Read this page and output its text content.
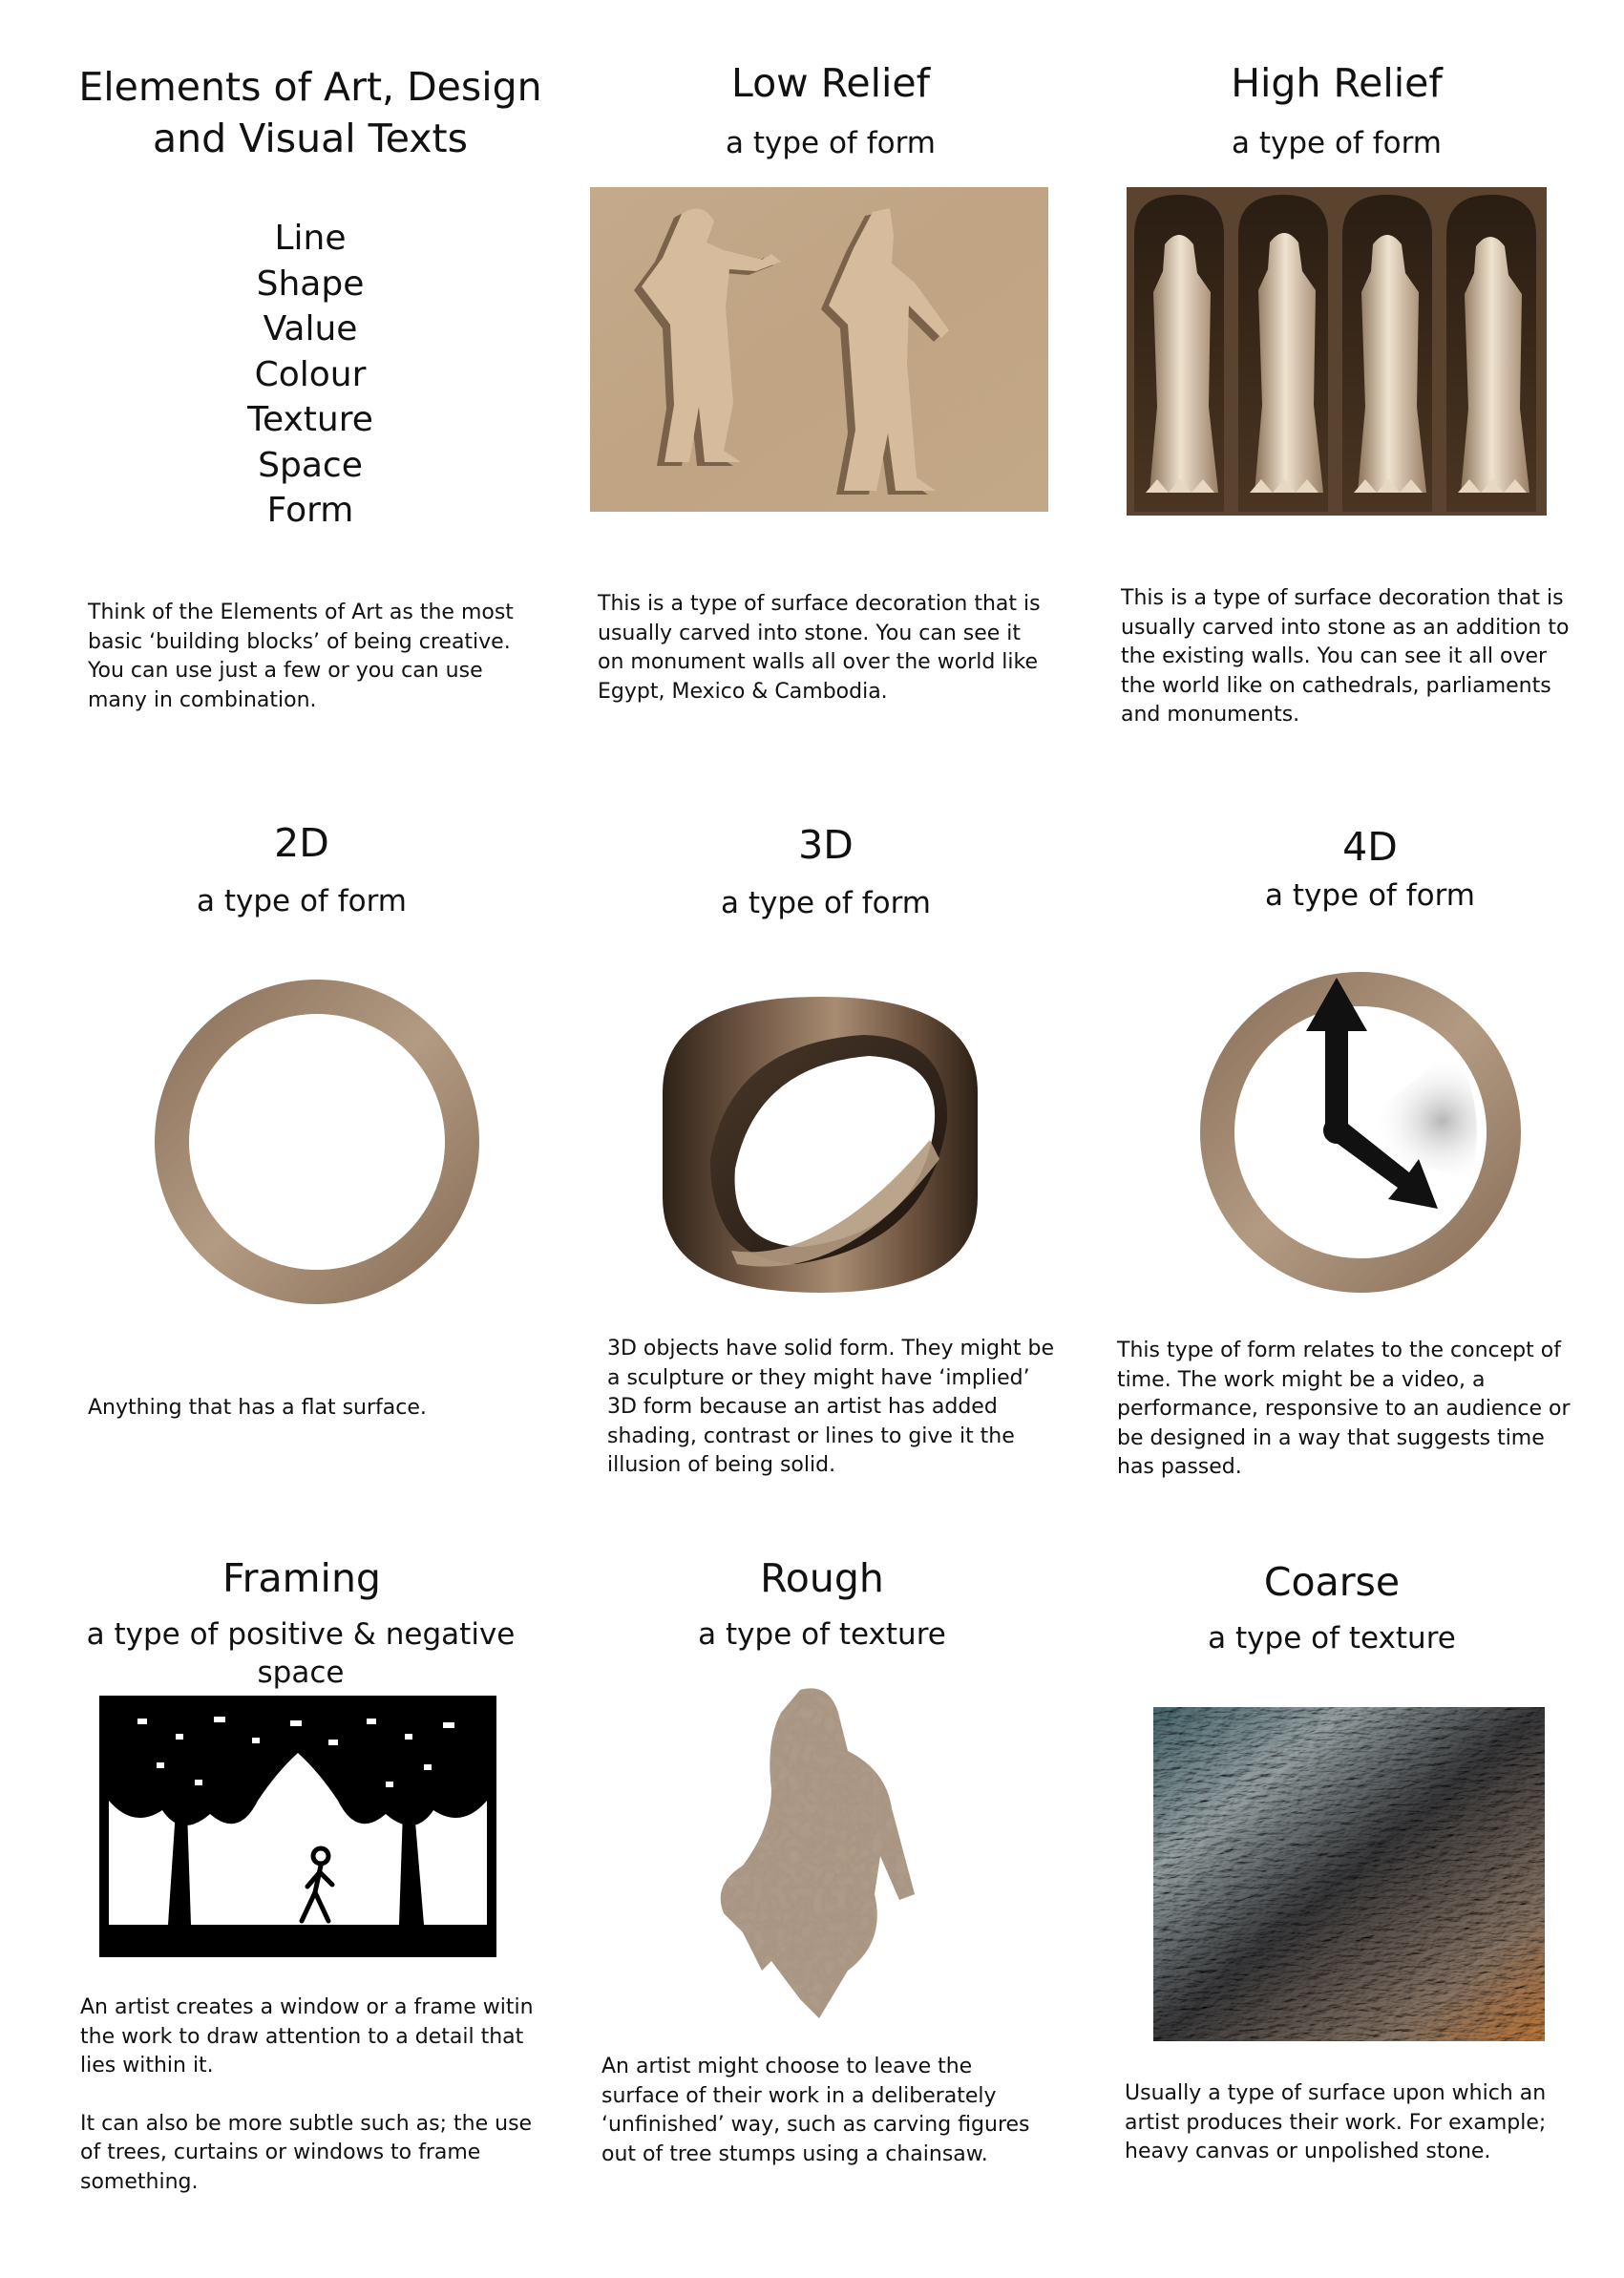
Elements of Art, Design
and Visual Texts
Line
Shape
Value
Colour
Texture
Space
Form
Think of the Elements of Art as the most basic ‘building blocks’ of being creative. You can use just a few or you can use many in combination.
Low Relief
a type of form
This is a type of surface decoration that is usually carved into stone. You can see it on monument walls all over the world like Egypt, Mexico & Cambodia.
High Relief
a type of form
This is a type of surface decoration that is usually carved into stone as an addition to the existing walls. You can see it all over the world like on cathedrals, parliaments and monuments.
2D
a type of form
Anything that has a flat surface.
3D
a type of form
3D objects have solid form. They might be a sculpture or they might have ‘implied’ 3D form because an artist has added shading, contrast or lines to give it the illusion of being solid.
4D
a type of form
This type of form relates to the concept of time. The work might be a video, a performance, responsive to an audience or be designed in a way that suggests time has passed.
Framing
a type of positive & negative space

An artist creates a window or a frame witin the work to draw attention to a detail that lies within it.

It can also be more subtle such as; the use of trees, curtains or windows to frame something.

Rough
a type of texture
An artist might choose to leave the surface of their work in a deliberately ‘unfinished’ way, such as carving figures out of tree stumps using a chainsaw.
Coarse
a type of texture
Usually a type of surface upon which an artist produces their work. For example; heavy canvas or unpolished stone.
